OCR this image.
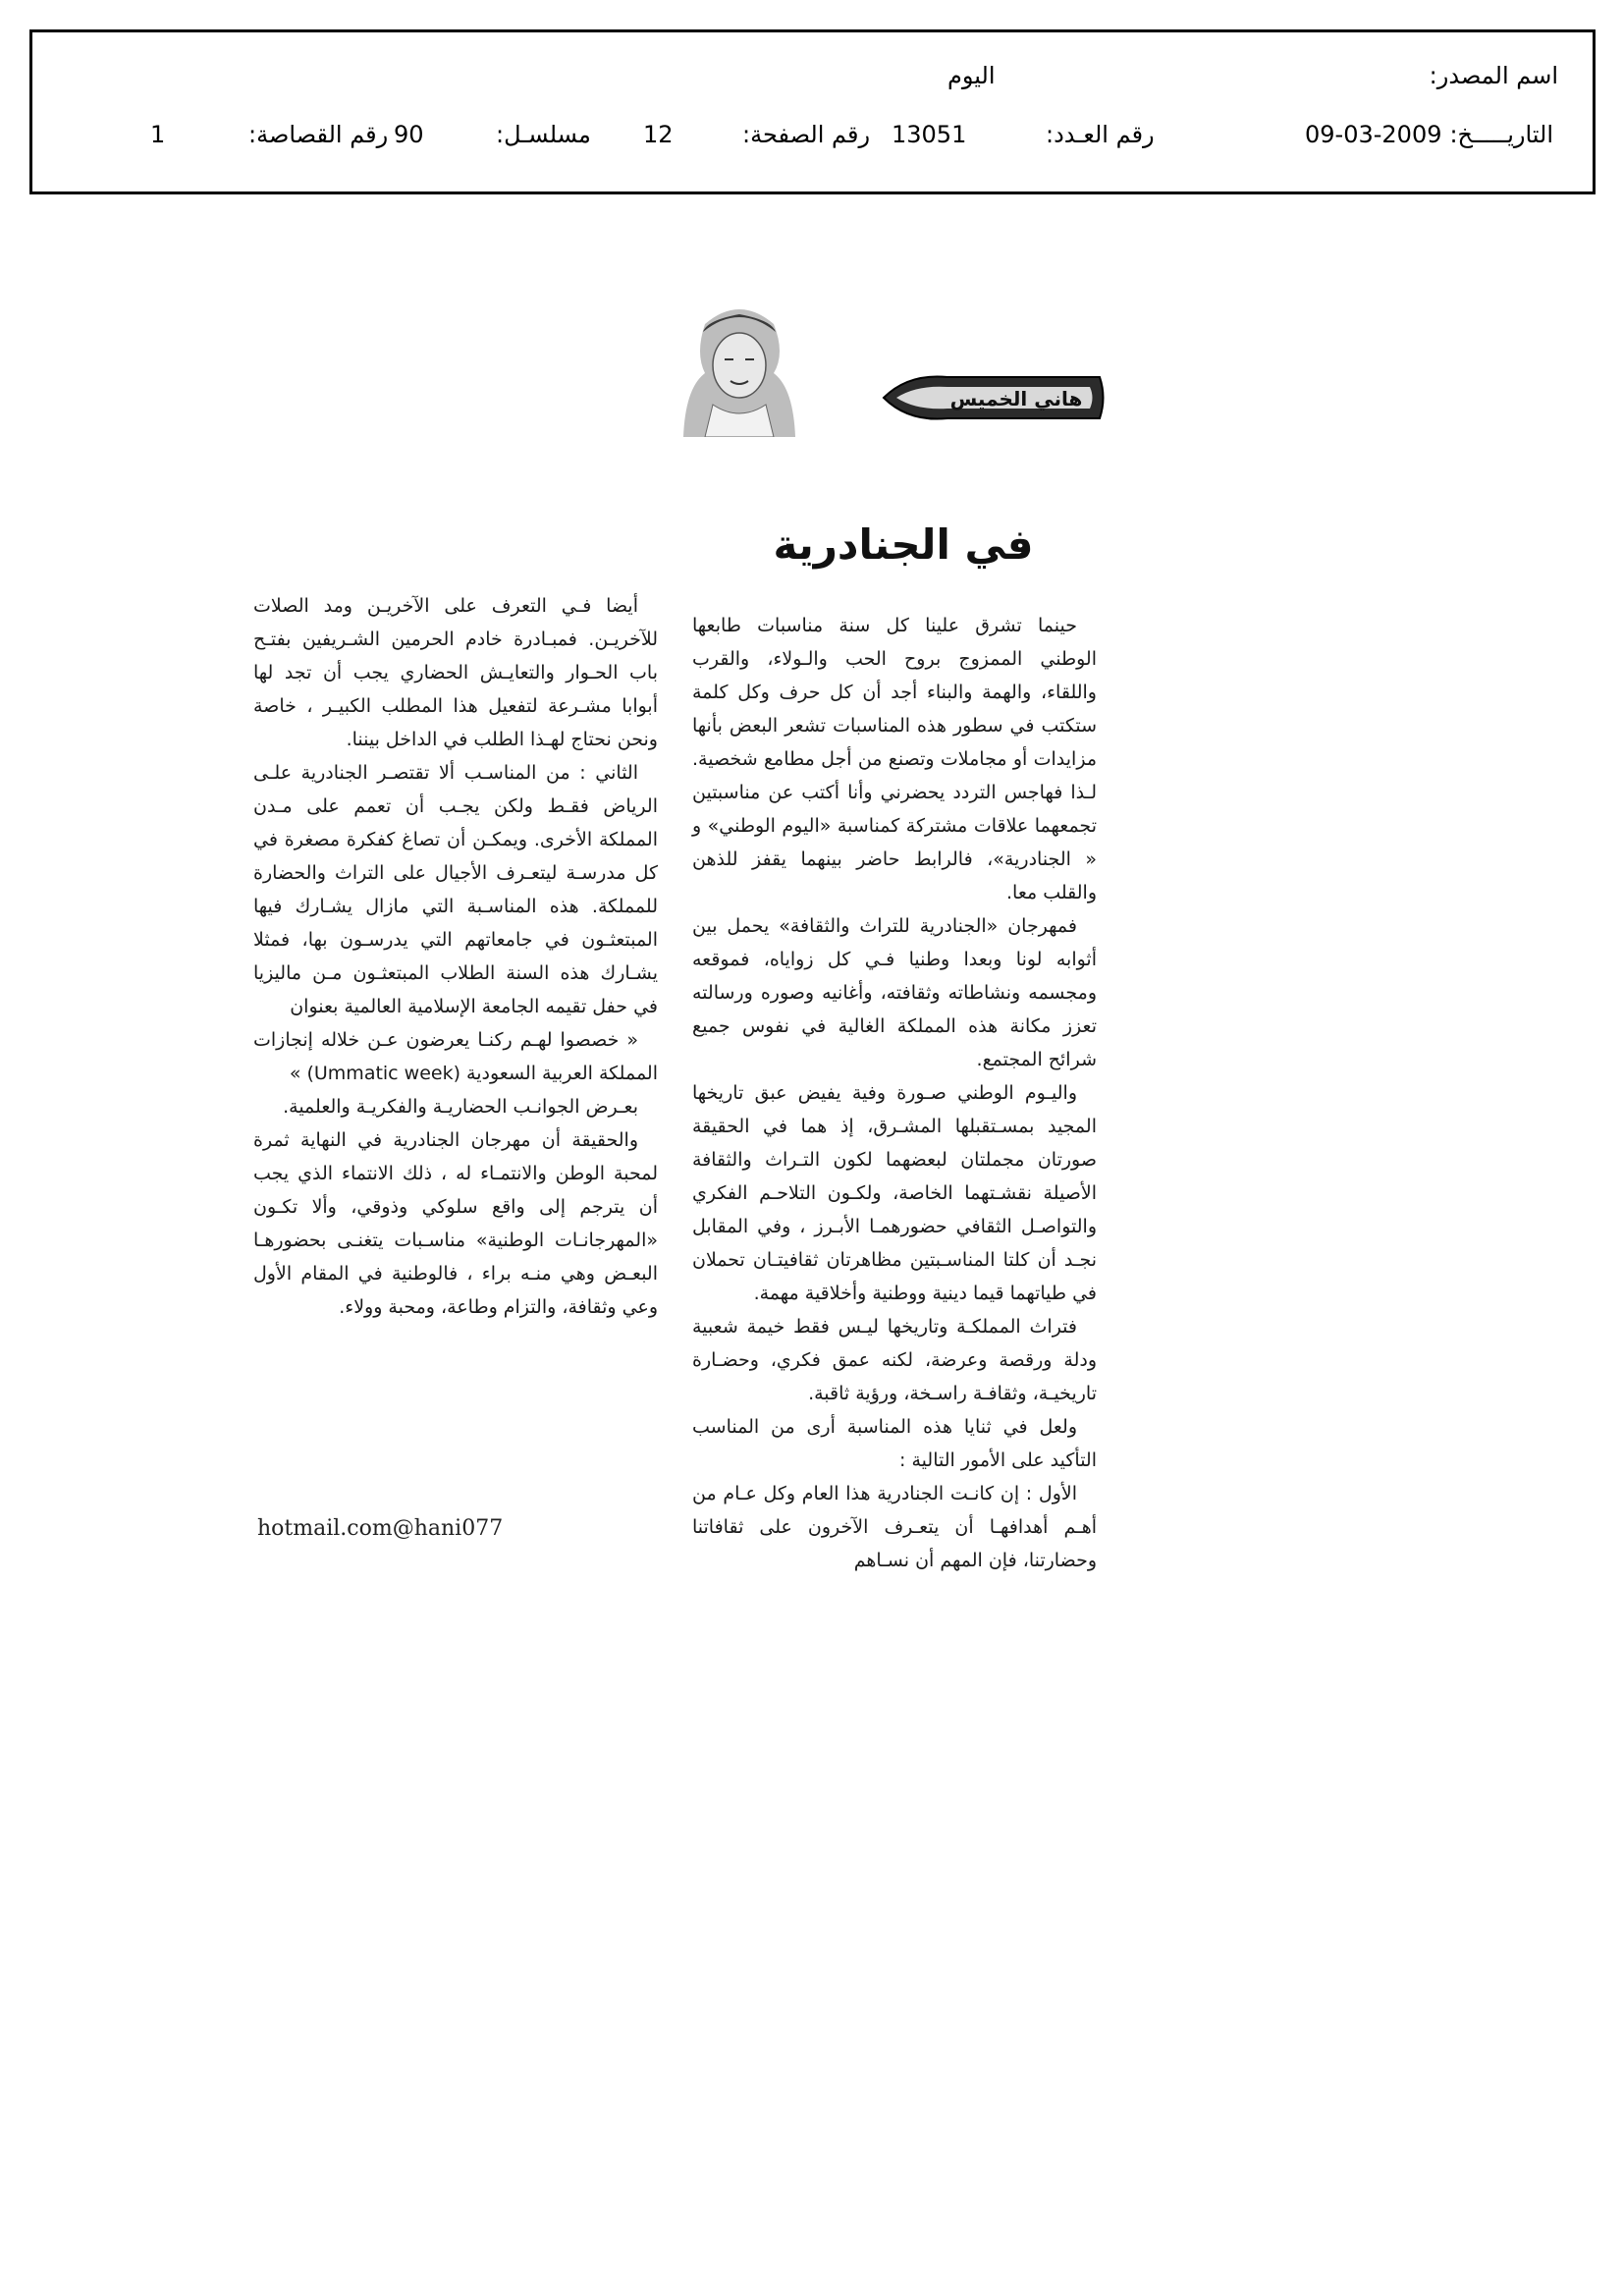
اسم المصدر:
اليوم
التاريـــــخ:
09-03-2009
رقم العـدد:
13051
رقم الصفحة:
12
مسلسـل:
90
رقم القصاصة:
1
هاني الخميس
في الجنادرية

حينما تشرق علينا كل سنة مناسبات طابعها الوطني الممزوج بروح الحب والـولاء، والقرب واللقاء، والهمة والبناء أجد أن كل حرف وكل كلمة ستكتب في سطور هذه المناسبات تشعر البعض بأنها مزايدات أو مجاملات وتصنع من أجل مطامع شخصية. لـذا فهاجس التردد يحضرني وأنا أكتب عن مناسبتين تجمعهما علاقات مشتركة كمناسبة «اليوم الوطني» و « الجنادرية»، فالرابط حاضر بينهما يقفز للذهن والقلب معا.

فمهرجان «الجنادرية للتراث والثقافة» يحمل بين أثوابه لونا وبعدا وطنيا فـي كل زواياه، فموقعه ومجسمه ونشاطاته وثقافته، وأغانيه وصوره ورسالته تعزز مكانة هذه المملكة الغالية في نفوس جميع شرائح المجتمع.

واليـوم الوطني صـورة وفية يفيض عبق تاريخها المجيد بمسـتقبلها المشـرق، إذ هما في الحقيقة صورتان مجملتان لبعضهما لكون التـراث والثقافة الأصيلة نقشـتهما الخاصة، ولكـون التلاحـم الفكري والتواصـل الثقافي حضورهمـا الأبـرز ، وفي المقابل نجـد أن كلتا المناسـبتين مظاهرتان ثقافيتـان تحملان في طياتهما قيما دينية ووطنية وأخلاقية مهمة.

فتراث المملكـة وتاريخها ليـس فقط خيمة شعبية ودلة ورقصة وعرضة، لكنه عمق فكري، وحضـارة تاريخيـة، وثقافـة راسـخة، ورؤية ثاقبة.

ولعل في ثنايا هذه المناسبة أرى من المناسب التأكيد على الأمور التالية :

الأول : إن كانـت الجنادرية هذا العام وكل عـام من أهـم أهدافهـا أن يتعـرف الآخرون على ثقافاتنا وحضارتنا، فإن المهم أن نسـاهم

أيضا فـي التعرف على الآخريـن ومد الصلات للآخريـن. فمبـادرة خادم الحرمين الشـريفين بفتـح باب الحـوار والتعايـش الحضاري يجب أن تجد لها أبوابا مشـرعة لتفعيل هذا المطلب الكبيـر ، خاصة ونحن نحتاج لهـذا الطلب في الداخل بيننا.

الثاني : من المناسـب ألا تقتصـر الجنادرية علـى الرياض فقـط ولكن يجـب أن تعمم على مـدن المملكة الأخرى. ويمكـن أن تصاغ كفكرة مصغرة في كل مدرسـة ليتعـرف الأجيال على التراث والحضارة للمملكة. هذه المناسـبة التي مازال يشـارك فيها المبتعثـون في جامعاتهم التي يدرسـون بها، فمثلا يشـارك هذه السنة الطلاب المبتعثـون مـن ماليزيا في حفل تقيمه الجامعة الإسلامية العالمية بعنوان

« خصصوا لهـم ركنـا يعرضون عـن خلاله إنجازات المملكة العربية السعودية (Ummatic week) »

بعـرض الجوانـب الحضاريـة والفكريـة والعلمية.

والحقيقة أن مهرجان الجنادرية في النهاية ثمرة لمحبة الوطن والانتمـاء له ، ذلك الانتماء الذي يجب أن يترجم إلى واقع سلوكي وذوقي، وألا تكـون «المهرجانـات الوطنية» مناسـبات يتغنـى بحضورهـا البعـض وهي منـه براء ، فالوطنية في المقام الأول وعي وثقافة، والتزام وطاعة، ومحبة وولاء.

hotmail.com@hani077
